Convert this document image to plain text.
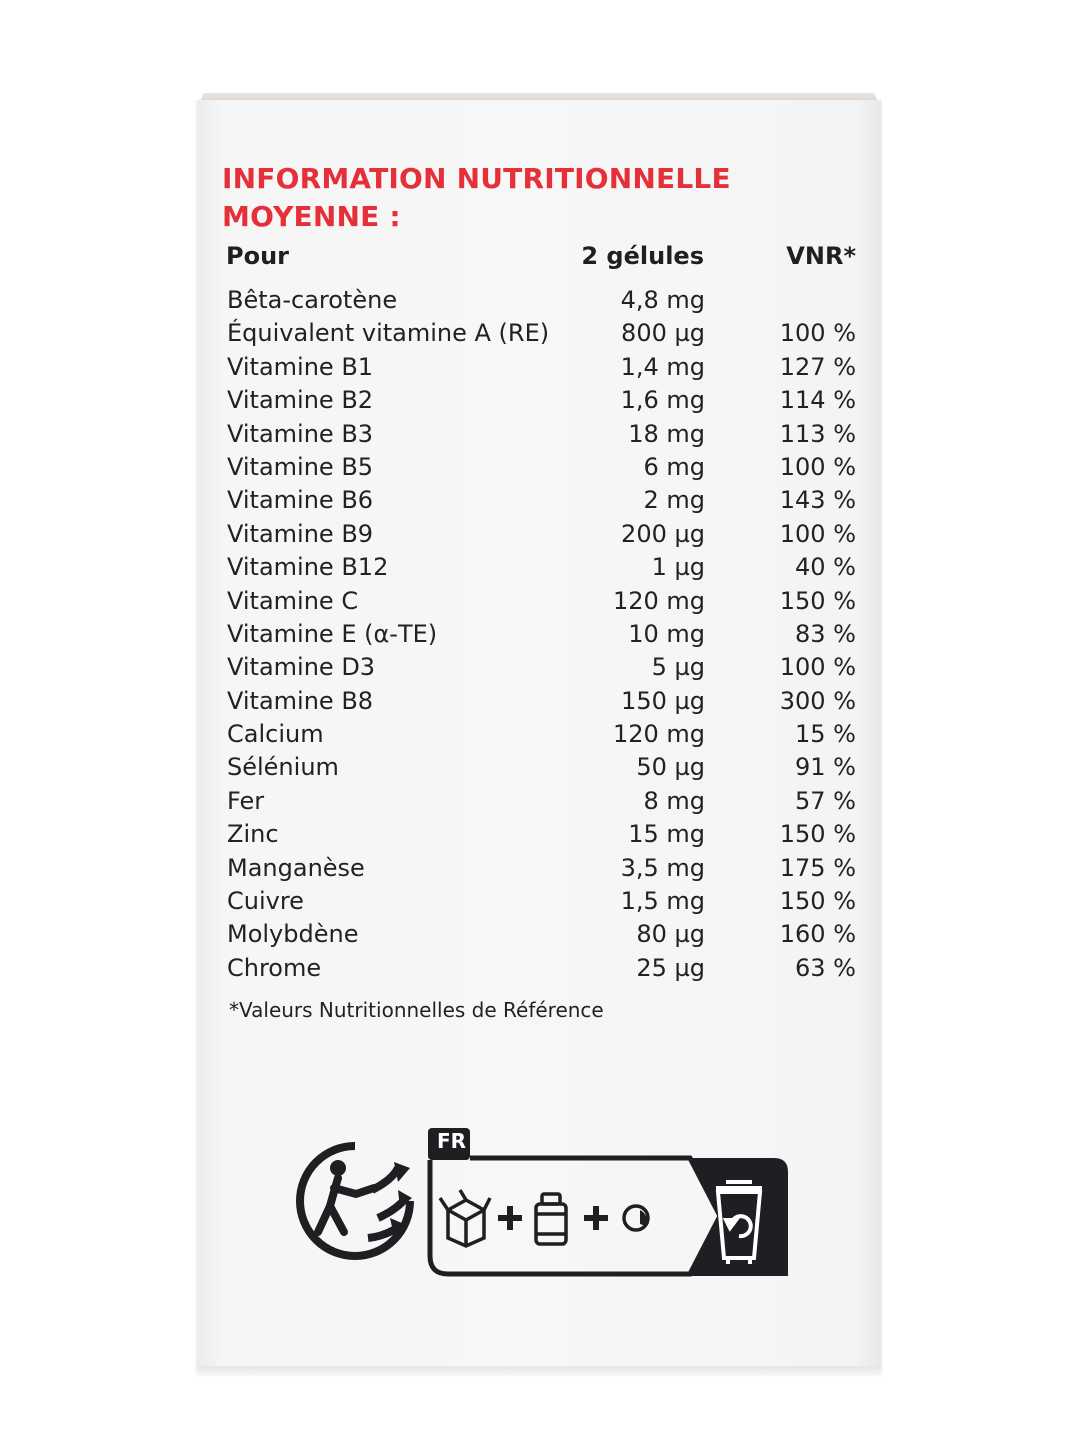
INFORMATION NUTRITIONNELLE
MOYENNE :
Pour	2 gélules	VNR*
Bêta-carotène	4,8 mg
Équivalent vitamine A (RE)	800 µg	100 %
Vitamine B1	1,4 mg	127 %
Vitamine B2	1,6 mg	114 %
Vitamine B3	18 mg	113 %
Vitamine B5	6 mg	100 %
Vitamine B6	2 mg	143 %
Vitamine B9	200 µg	100 %
Vitamine B12	1 µg	40 %
Vitamine C	120 mg	150 %
Vitamine E (α-TE)	10 mg	83 %
Vitamine D3	5 µg	100 %
Vitamine B8	150 µg	300 %
Calcium	120 mg	15 %
Sélénium	50 µg	91 %
Fer	8 mg	57 %
Zinc	15 mg	150 %
Manganèse	3,5 mg	175 %
Cuivre	1,5 mg	150 %
Molybdène	80 µg	160 %
Chrome	25 µg	63 %
*Valeurs Nutritionnelles de Référence
FR
